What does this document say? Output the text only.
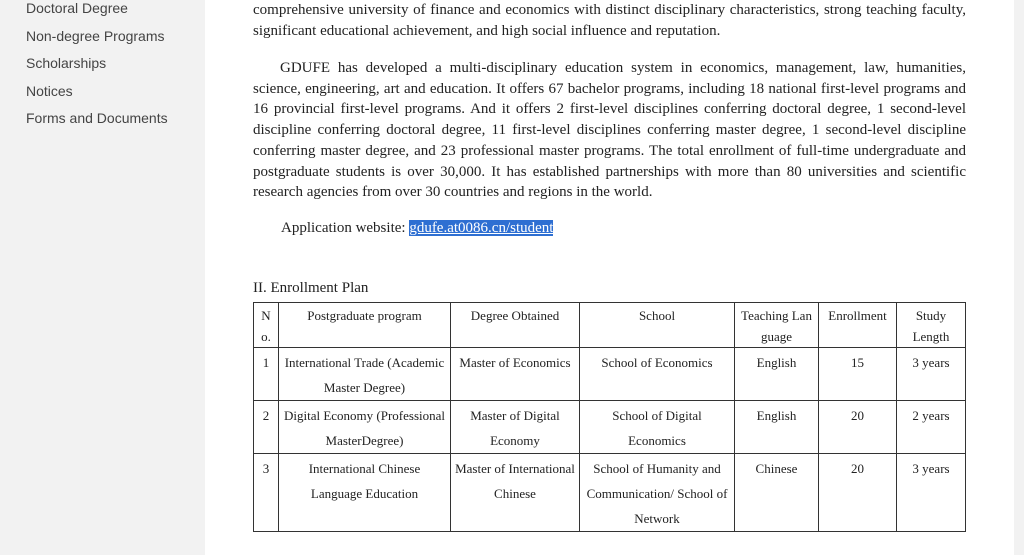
Doctoral Degree
Non-degree Programs
Scholarships
Notices
Forms and Documents

comprehensive university of finance and economics with distinct disciplinary characteristics, strong teaching faculty, significant educational achievement, and high social influence and reputation.

GDUFE has developed a multi-disciplinary education system in economics, management, law, humanities, science, engineering, art and education. It offers 67 bachelor programs, including 18 national first-level programs and 16 provincial first-level programs. And it offers 2 first-level disciplines conferring doctoral degree, 1 second-level discipline conferring doctoral degree, 11 first-level disciplines conferring master degree, 1 second-level discipline conferring master degree, and 23 professional master programs. The total enrollment of full-time undergraduate and postgraduate students is over 30,000. It has established partnerships with more than 80 universities and scientific research agencies from over 30 countries and regions in the world.

Application website: gdufe.at0086.cn/student
II. Enrollment Plan
No.	Postgraduate program	Degree Obtained	School	Teaching Language	Enrollment	Study Length
1	International Trade (Academic Master Degree)	Master of Economics	School of Economics	English	15	3 years
2	Digital Economy (Professional MasterDegree)	Master of Digital Economy	School of Digital Economics	English	20	2 years
3	International Chinese Language Education	Master of International Chinese	School of Humanity and Communication/ School of Network	Chinese	20	3 years
